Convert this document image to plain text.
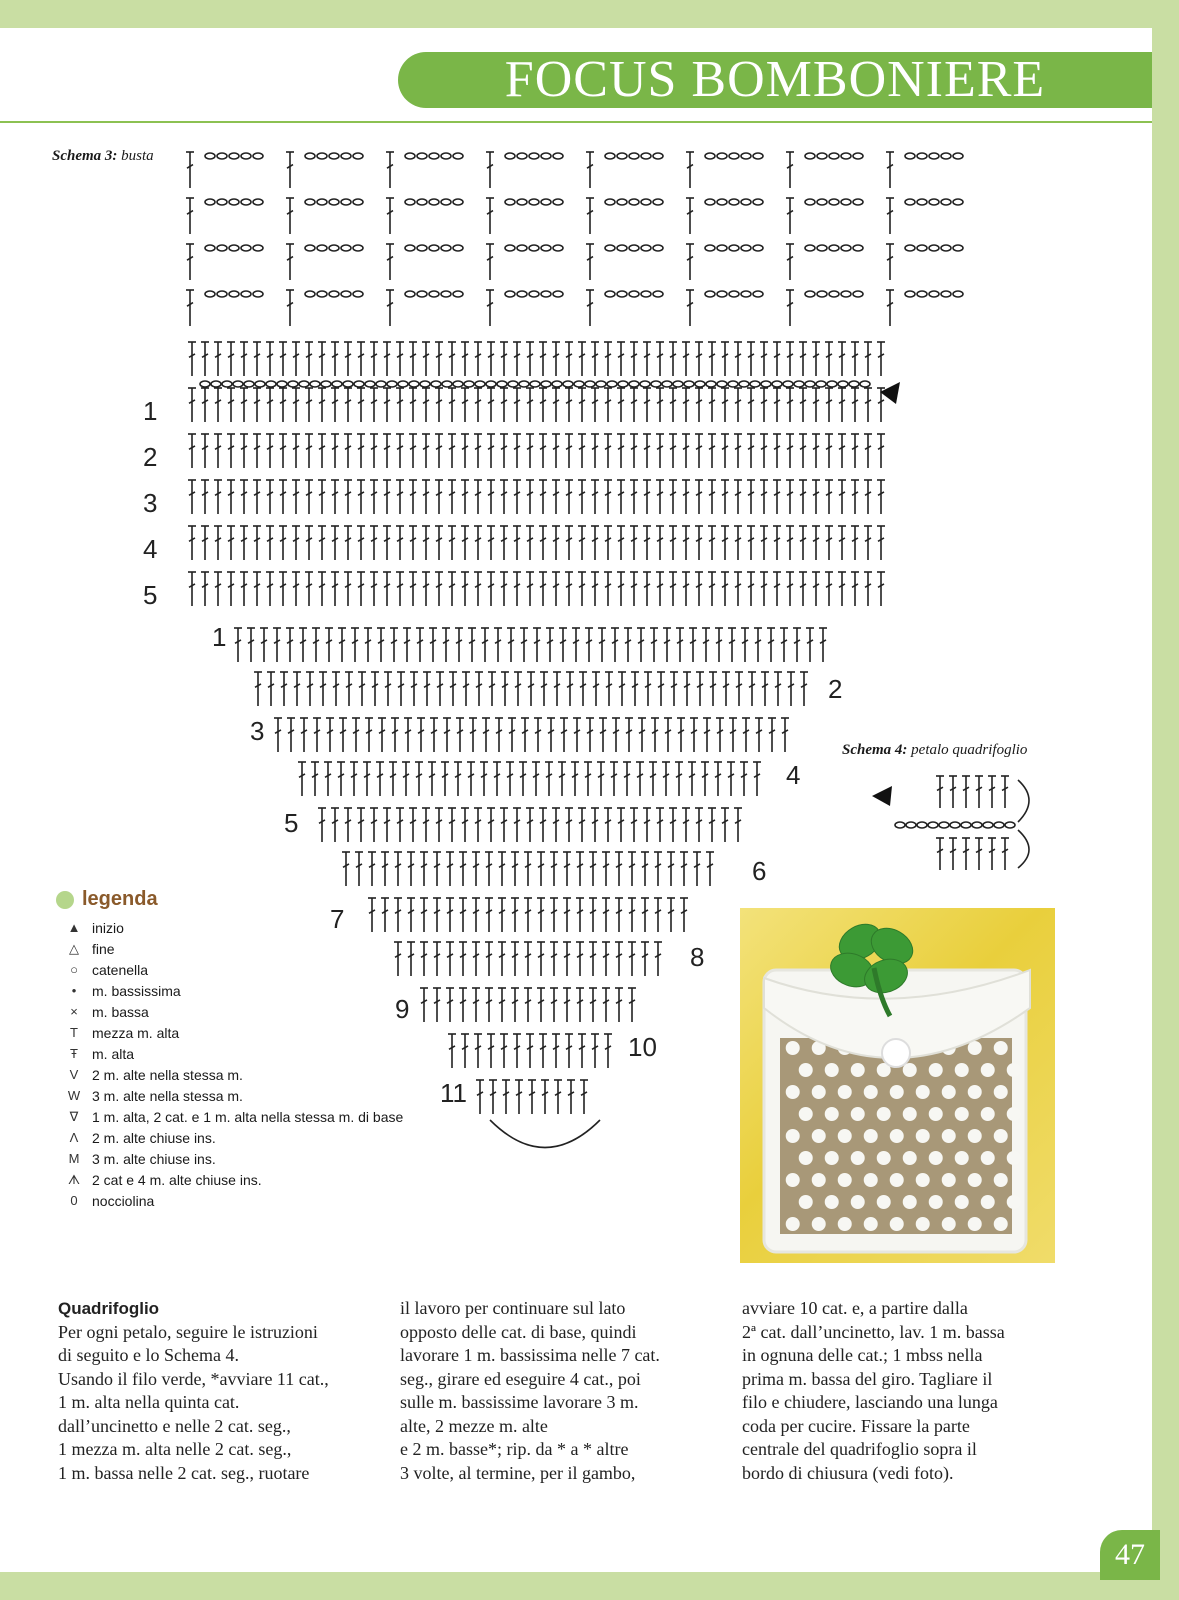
FOCUS BOMBONIERE
Schema 3: busta
Schema 4: petalo quadrifoglio
1
2
3
4
5
1
2
3
4
5
6
7
8
9
10
11
legenda
▲ inizio
△ fine
○	catenella
•	m. bassissima
×	m. bassa
T	mezza m. alta
Ŧ	m. alta
V 2 m. alte nella stessa m.
W 3 m. alte nella stessa m.
∇ 1 m. alta, 2 cat. e 1 m. alta nella stessa m. di base
Λ 2 m. alte chiuse ins.
M 3 m. alte chiuse ins.
ᗑ 2 cat e 4 m. alte chiuse ins.
0	nocciolina
Quadrifoglio
Per ogni petalo, seguire le istruzioni
di seguito e lo Schema 4.
Usando il filo verde, *avviare 11 cat.,
1 m. alta nella quinta cat.
dall’uncinetto e nelle 2 cat. seg.,
1 mezza m. alta nelle 2 cat. seg.,
1 m. bassa nelle 2 cat. seg., ruotare
il lavoro per continuare sul lato
opposto delle cat. di base, quindi
lavorare 1 m. bassissima nelle 7 cat.
seg., girare ed eseguire 4 cat., poi
sulle m. bassissime lavorare 3 m.
alte, 2 mezze m. alte
e 2 m. basse*; rip. da * a * altre
3 volte, al termine, per il gambo,
avviare 10 cat. e, a partire dalla
2ª cat. dall’uncinetto, lav. 1 m. bassa
in ognuna delle cat.; 1 mbss nella
prima m. bassa del giro. Tagliare il
filo e chiudere, lasciando una lunga
coda per cucire. Fissare la parte
centrale del quadrifoglio sopra il
bordo di chiusura (vedi foto).
47
